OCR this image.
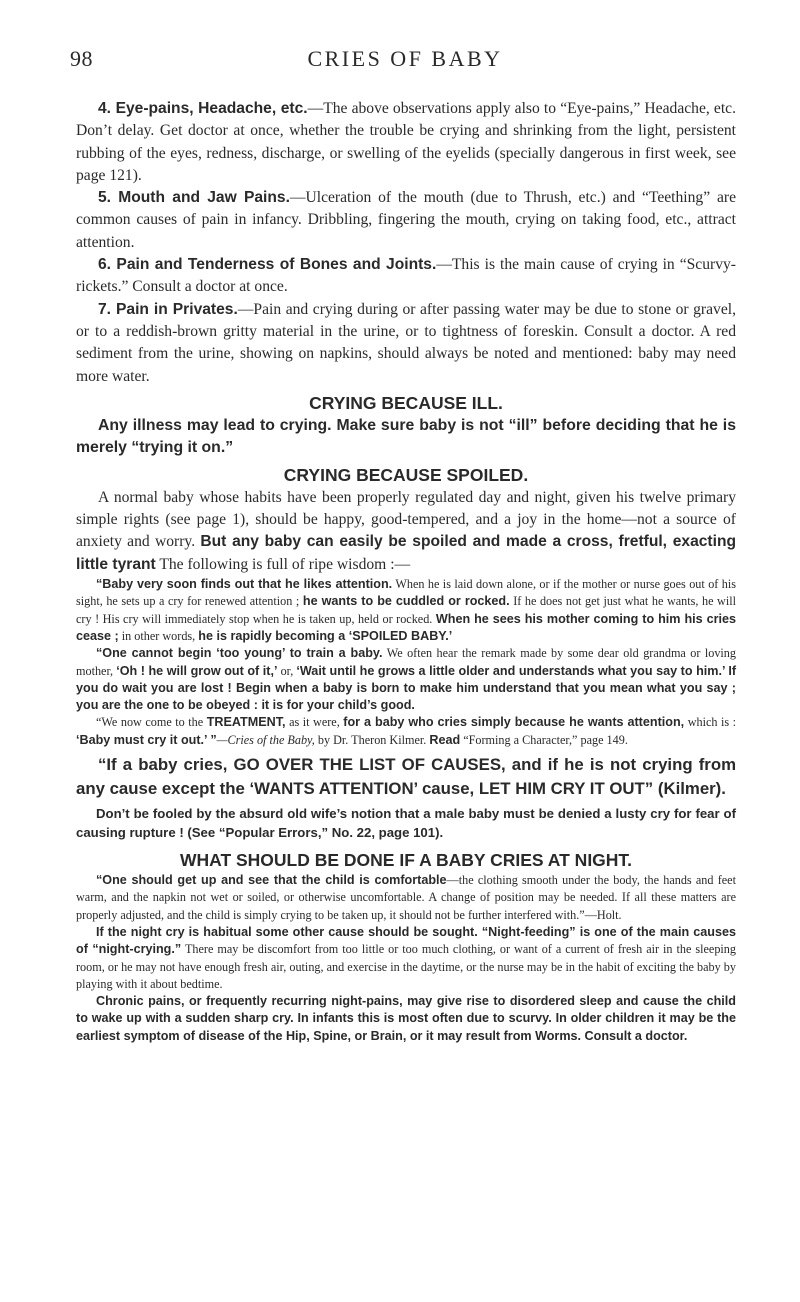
98	CRIES OF BABY

4. Eye-pains, Headache, etc.—The above observations apply also to “Eye-pains,” Headache, etc. Don’t delay. Get doctor at once, whether the trouble be crying and shrinking from the light, persistent rubbing of the eyes, redness, discharge, or swelling of the eyelids (specially dangerous in first week, see page 121).

5. Mouth and Jaw Pains.—Ulceration of the mouth (due to Thrush, etc.) and “Teething” are common causes of pain in infancy. Dribbling, fingering the mouth, crying on taking food, etc., attract attention.

6. Pain and Tenderness of Bones and Joints.—This is the main cause of crying in “Scurvy-rickets.” Consult a doctor at once.

7. Pain in Privates.—Pain and crying during or after passing water may be due to stone or gravel, or to a reddish-brown gritty material in the urine, or to tightness of foreskin. Consult a doctor. A red sediment from the urine, showing on napkins, should always be noted and mentioned: baby may need more water.

CRYING BECAUSE ILL.

Any illness may lead to crying. Make sure baby is not “ill” before deciding that he is merely “trying it on.”

CRYING BECAUSE SPOILED.

A normal baby whose habits have been properly regulated day and night, given his twelve primary simple rights (see page 1), should be happy, good-tempered, and a joy in the home—not a source of anxiety and worry. But any baby can easily be spoiled and made a cross, fretful, exacting little tyrant The following is full of ripe wisdom :—

“Baby very soon finds out that he likes attention. When he is laid down alone, or if the mother or nurse goes out of his sight, he sets up a cry for renewed attention ; he wants to be cuddled or rocked. If he does not get just what he wants, he will cry ! His cry will immediately stop when he is taken up, held or rocked. When he sees his mother coming to him his cries cease ; in other words, he is rapidly becoming a ‘SPOILED BABY.’

“One cannot begin ‘too young’ to train a baby. We often hear the remark made by some dear old grandma or loving mother, ‘Oh ! he will grow out of it,’ or, ‘Wait until he grows a little older and understands what you say to him.’ If you do wait you are lost ! Begin when a baby is born to make him understand that you mean what you say ; you are the one to be obeyed : it is for your child’s good.

“We now come to the TREATMENT, as it were, for a baby who cries simply because he wants attention, which is : ‘Baby must cry it out.’ ”—Cries of the Baby, by Dr. Theron Kilmer. Read “Forming a Character,” page 149.

“If a baby cries, GO OVER THE LIST OF CAUSES, and if he is not crying from any cause except the ‘WANTS ATTENTION’ cause, LET HIM CRY IT OUT” (Kilmer).

Don’t be fooled by the absurd old wife’s notion that a male baby must be denied a lusty cry for fear of causing rupture ! (See “Popular Errors,” No. 22, page 101).

WHAT SHOULD BE DONE IF A BABY CRIES AT NIGHT.

“One should get up and see that the child is comfortable—the clothing smooth under the body, the hands and feet warm, and the napkin not wet or soiled, or otherwise uncomfortable. A change of position may be needed. If all these matters are properly adjusted, and the child is simply crying to be taken up, it should not be further interfered with.”—Holt.

If the night cry is habitual some other cause should be sought. “Night-feeding” is one of the main causes of “night-crying.” There may be discomfort from too little or too much clothing, or want of a current of fresh air in the sleeping room, or he may not have enough fresh air, outing, and exercise in the daytime, or the nurse may be in the habit of exciting the baby by playing with it about bedtime.

Chronic pains, or frequently recurring night-pains, may give rise to disordered sleep and cause the child to wake up with a sudden sharp cry. In infants this is most often due to scurvy. In older children it may be the earliest symptom of disease of the Hip, Spine, or Brain, or it may result from Worms. Consult a doctor.
